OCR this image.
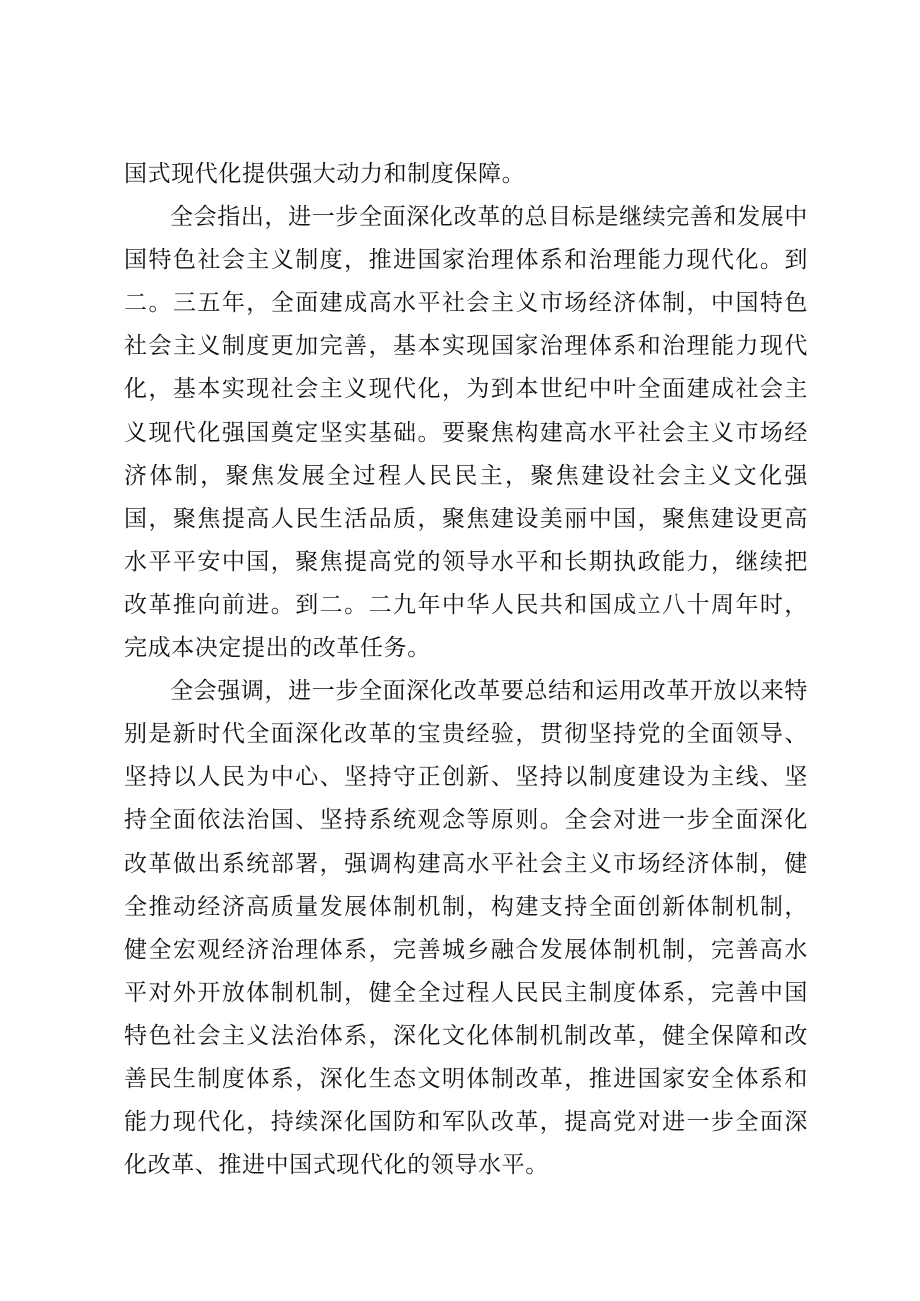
国式现代化提供强大动力和制度保障。

全会指出，进一步全面深化改革的总目标是继续完善和发展中国特色社会主义制度，推进国家治理体系和治理能力现代化。到二。三五年，全面建成高水平社会主义市场经济体制，中国特色社会主义制度更加完善，基本实现国家治理体系和治理能力现代化，基本实现社会主义现代化，为到本世纪中叶全面建成社会主义现代化强国奠定坚实基础。要聚焦构建高水平社会主义市场经济体制，聚焦发展全过程人民民主，聚焦建设社会主义文化强国，聚焦提高人民生活品质，聚焦建设美丽中国，聚焦建设更高水平平安中国，聚焦提高党的领导水平和长期执政能力，继续把改革推向前进。到二。二九年中华人民共和国成立八十周年时，完成本决定提出的改革任务。

全会强调，进一步全面深化改革要总结和运用改革开放以来特别是新时代全面深化改革的宝贵经验，贯彻坚持党的全面领导、坚持以人民为中心、坚持守正创新、坚持以制度建设为主线、坚持全面依法治国、坚持系统观念等原则。全会对进一步全面深化改革做出系统部署，强调构建高水平社会主义市场经济体制，健全推动经济高质量发展体制机制，构建支持全面创新体制机制，健全宏观经济治理体系，完善城乡融合发展体制机制，完善高水平对外开放体制机制，健全全过程人民民主制度体系，完善中国特色社会主义法治体系，深化文化体制机制改革，健全保障和改善民生制度体系，深化生态文明体制改革，推进国家安全体系和能力现代化，持续深化国防和军队改革，提高党对进一步全面深化改革、推进中国式现代化的领导水平。
